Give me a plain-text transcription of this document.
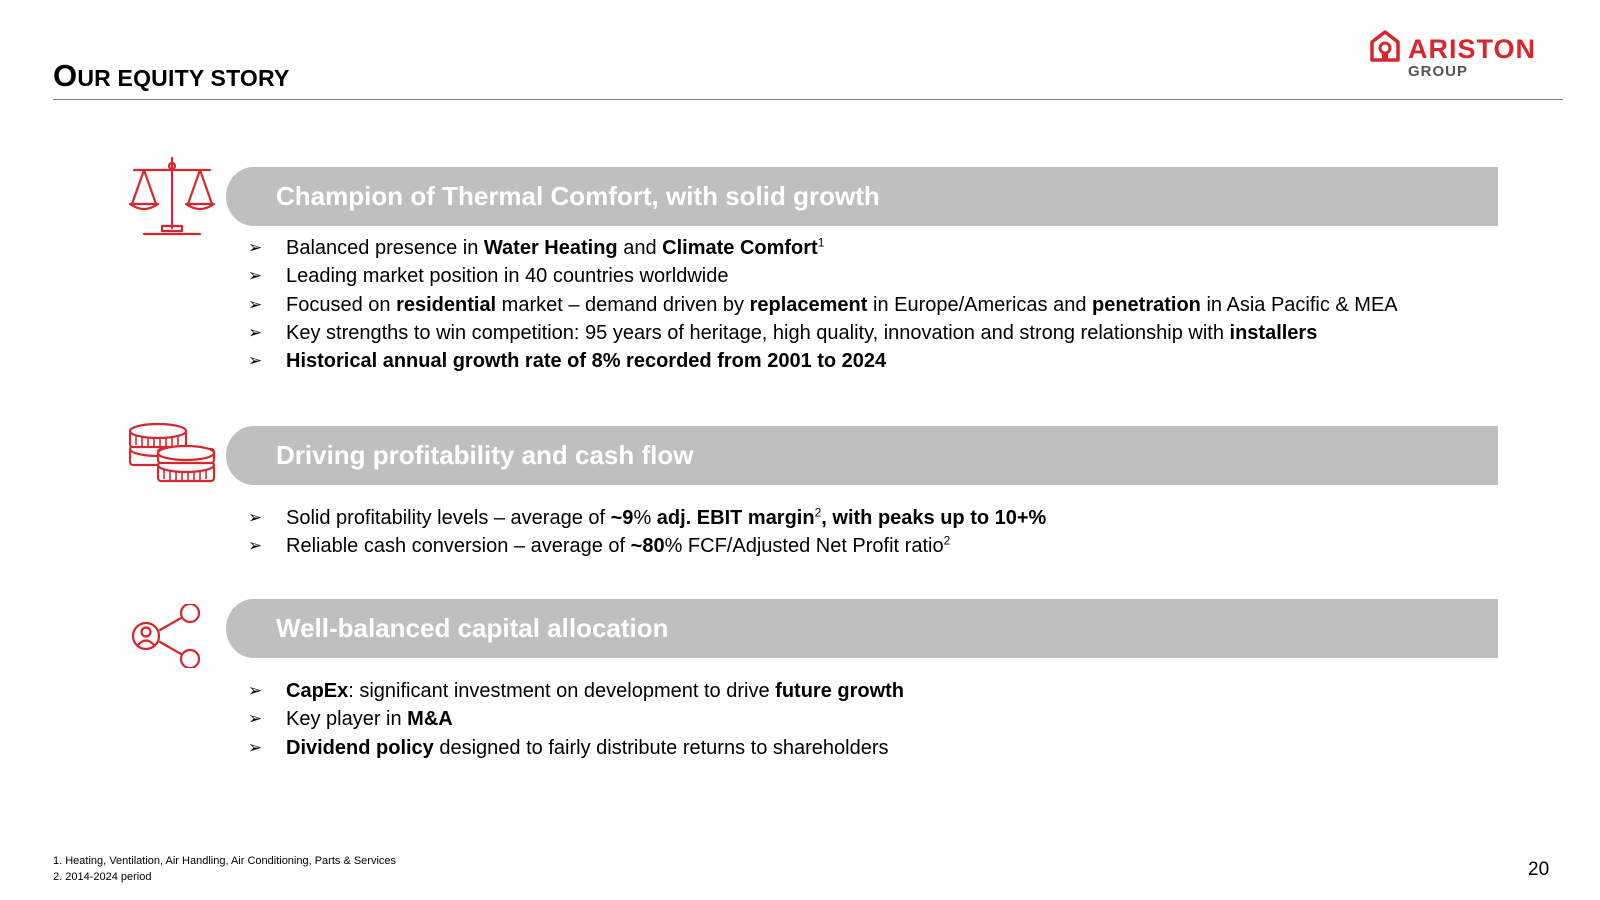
OUR EQUITY STORY
ARISTON
GROUP
Champion of Thermal Comfort, with solid growth
➢ Balanced presence in Water Heating and Climate Comfort$^1$
➢ Leading market position in 40 countries worldwide
➢ Focused on residential market – demand driven by replacement in Europe/Americas and penetration in Asia Pacific & MEA
➢ Key strengths to win competition: 95 years of heritage, high quality, innovation and strong relationship with installers
➢ Historical annual growth rate of 8% recorded from 2001 to 2024
Driving profitability and cash flow
➢ Solid profitability levels – average of ~9% adj. EBIT margin$^2$, with peaks up to 10+%
➢ Reliable cash conversion – average of ~80% FCF/Adjusted Net Profit ratio$^2$
Well-balanced capital allocation
➢ CapEx: significant investment on development to drive future growth
➢ Key player in M&A
➢ Dividend policy designed to fairly distribute returns to shareholders
1. Heating, Ventilation, Air Handling, Air Conditioning, Parts & Services
2. 2014-2024 period	20
